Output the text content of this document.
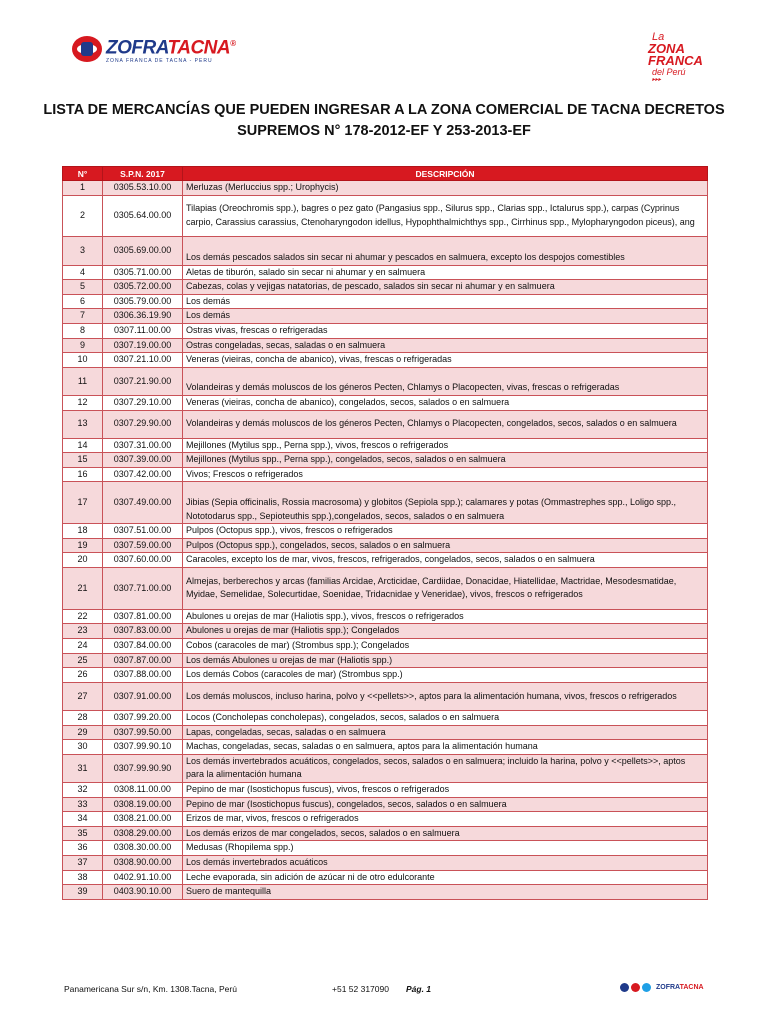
ZOFRATACNA®
ZONA FRANCA DE TACNA - PERU
La
ZONA
FRANCA
del Perú
▸▸▸
LISTA DE MERCANCÍAS QUE PUEDEN INGRESAR A LA ZONA COMERCIAL DE TACNA DECRETOS
SUPREMOS N° 178-2012-EF Y 253-2013-EF
N°	S.P.N. 2017	DESCRIPCIÓN
1	0305.53.10.00	Merluzas (Merluccius spp.; Urophycis)
2	0305.64.00.00	Tilapias (Oreochromis spp.), bagres o pez gato (Pangasius spp., Silurus spp., Clarias spp., Ictalurus spp.), carpas (Cyprinus carpio, Carassius carassius, Ctenoharyngodon idellus, Hypophthalmichthys spp., Cirrhinus spp., Mylopharyngodon piceus), ang
3	0305.69.00.00	Los demás pescados salados sin secar ni ahumar y pescados en salmuera, excepto los despojos comestibles
4	0305.71.00.00	Aletas de tiburón, salado sin secar ni ahumar y en salmuera
5	0305.72.00.00	Cabezas, colas y vejigas natatorias, de pescado, salados sin secar ni ahumar y en salmuera
6	0305.79.00.00	Los demás
7	0306.36.19.90	Los demás
8	0307.11.00.00	Ostras vivas, frescas o refrigeradas
9	0307.19.00.00	Ostras congeladas, secas, saladas o en salmuera
10	0307.21.10.00	Veneras (vieiras, concha de abanico), vivas, frescas o refrigeradas
11	0307.21.90.00	Volandeiras y demás moluscos de los géneros Pecten, Chlamys o Placopecten, vivas, frescas o refrigeradas
12	0307.29.10.00	Veneras (vieiras, concha de abanico), congelados, secos, salados o en salmuera
13	0307.29.90.00	Volandeiras y demás moluscos de los géneros Pecten, Chlamys o Placopecten, congelados, secos, salados o en salmuera
14	0307.31.00.00	Mejillones (Mytilus spp., Perna spp.), vivos, frescos o refrigerados
15	0307.39.00.00	Mejillones (Mytilus spp., Perna spp.), congelados, secos, salados o en salmuera
16	0307.42.00.00	Vivos; Frescos o refrigerados
17	0307.49.00.00	Jibias (Sepia officinalis, Rossia macrosoma) y globitos (Sepiola spp.); calamares y potas (Ommastrephes spp., Loligo spp., Nototodarus spp., Sepioteuthis spp.),congelados, secos, salados o en salmuera
18	0307.51.00.00	Pulpos (Octopus spp.), vivos, frescos o refrigerados
19	0307.59.00.00	Pulpos (Octopus spp.), congelados, secos, salados o en salmuera
20	0307.60.00.00	Caracoles, excepto los de mar, vivos, frescos, refrigerados, congelados, secos, salados o en salmuera
21	0307.71.00.00	Almejas, berberechos y arcas (familias Arcidae, Arcticidae, Cardiidae, Donacidae, Hiatellidae, Mactridae, Mesodesmatidae, Myidae, Semelidae, Solecurtidae, Soenidae, Tridacnidae y Veneridae), vivos, frescos o refrigerados
22	0307.81.00.00	Abulones u orejas de mar (Haliotis spp.), vivos, frescos o refrigerados
23	0307.83.00.00	Abulones u orejas de mar (Haliotis spp.); Congelados
24	0307.84.00.00	Cobos (caracoles de mar) (Strombus spp.); Congelados
25	0307.87.00.00	Los demás Abulones u orejas de mar (Haliotis spp.)
26	0307.88.00.00	Los demás Cobos (caracoles de mar) (Strombus spp.)
27	0307.91.00.00	Los demás moluscos, incluso harina, polvo y <<pellets>>, aptos para la alimentación humana, vivos, frescos o refrigerados
28	0307.99.20.00	Locos (Concholepas concholepas), congelados, secos, salados o en salmuera
29	0307.99.50.00	Lapas, congeladas, secas, saladas o en salmuera
30	0307.99.90.10	Machas, congeladas, secas, saladas o en salmuera, aptos para la alimentación humana
31	0307.99.90.90	Los demás invertebrados acuáticos, congelados, secos, salados o en salmuera; incluido la harina, polvo y <<pellets>>, aptos para la alimentación humana
32	0308.11.00.00	Pepino de mar (Isostichopus fuscus), vivos, frescos o refrigerados
33	0308.19.00.00	Pepino de mar (Isostichopus fuscus), congelados, secos, salados o en salmuera
34	0308.21.00.00	Erizos de mar, vivos, frescos o refrigerados
35	0308.29.00.00	Los demás erizos de mar congelados, secos, salados o en salmuera
36	0308.30.00.00	Medusas (Rhopilema spp.)
37	0308.90.00.00	Los demás invertebrados acuáticos
38	0402.91.10.00	Leche evaporada, sin adición de azúcar ni de otro edulcorante
39	0403.90.10.00	Suero de mantequilla
Panamericana Sur s/n, Km. 1308.Tacna, Perú	+51 52 317090 Pág. 1	ZOFRATACNA
